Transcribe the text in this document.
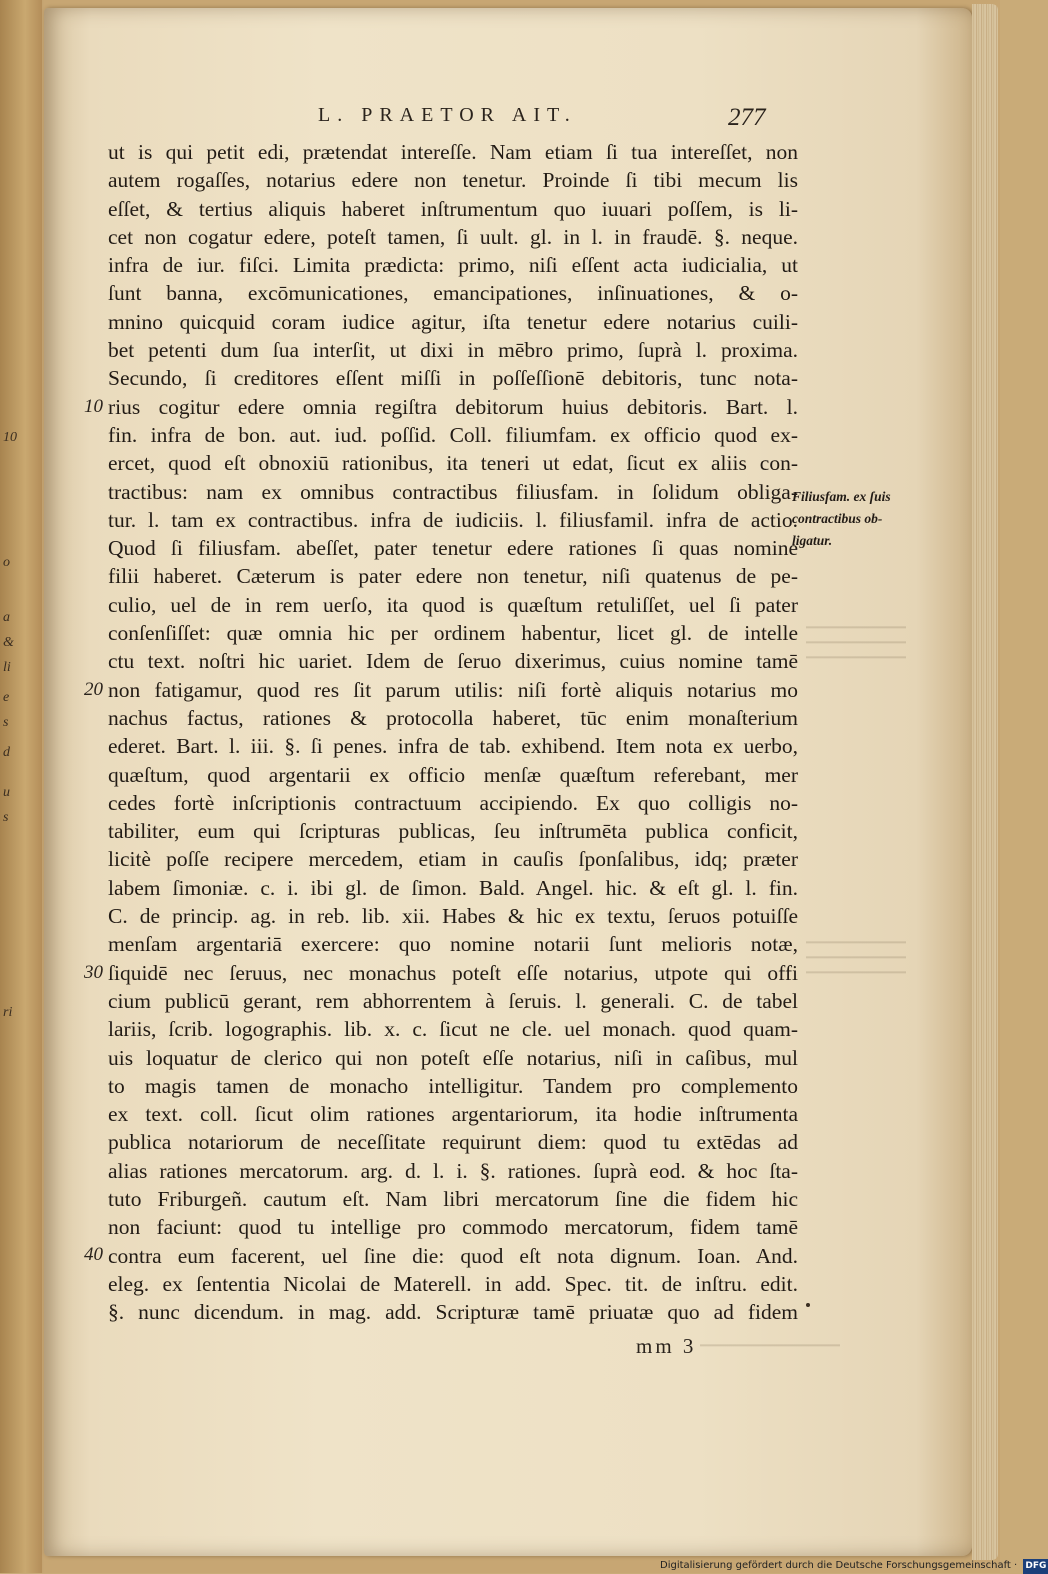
10
o
a
&
li
e
s
d
u
s
ri
L. PRAETOR AIT.	277
ut is qui petit edi, prætendat intereſſe. Nam etiam ſi tua intereſſet, non
autem rogaſſes, notarius edere non tenetur. Proinde ſi tibi mecum lis
eſſet, & tertius aliquis haberet inſtrumentum quo iuuari poſſem, is li-
cet non cogatur edere, poteſt tamen, ſi uult. gl. in l. in fraudē. §. neque.
infra de iur. fiſci. Limita prædicta: primo, niſi eſſent acta iudicialia, ut
ſunt banna, excōmunicationes, emancipationes, inſinuationes, & o-
mnino quicquid coram iudice agitur, iſta tenetur edere notarius cuili-
bet petenti dum ſua interſit, ut dixi in mēbro primo, ſuprà l. proxima.
Secundo, ſi creditores eſſent miſſi in poſſeſſionē debitoris, tunc nota-
rius cogitur edere omnia regiſtra debitorum huius debitoris. Bart. l.
fin. infra de bon. aut. iud. poſſid. Coll. filiumfam. ex officio quod ex-
ercet, quod eſt obnoxiū rationibus, ita teneri ut edat, ſicut ex aliis con-
tractibus: nam ex omnibus contractibus filiusfam. in ſolidum obliga-
tur. l. tam ex contractibus. infra de iudiciis. l. filiusfamil. infra de actio.
Quod ſi filiusfam. abeſſet, pater tenetur edere rationes ſi quas nomine
filii haberet. Cæterum is pater edere non tenetur, niſi quatenus de pe-
culio, uel de in rem uerſo, ita quod is quæſtum retuliſſet, uel ſi pater
conſenſiſſet: quæ omnia hic per ordinem habentur, licet gl. de intelle
ctu text. noſtri hic uariet. Idem de ſeruo dixerimus, cuius nomine tamē
non fatigamur, quod res ſit parum utilis: niſi fortè aliquis notarius mo
nachus factus, rationes & protocolla haberet, tūc enim monaſterium
ederet. Bart. l. iii. §. ſi penes. infra de tab. exhibend. Item nota ex uerbo,
quæſtum, quod argentarii ex officio menſæ quæſtum referebant, mer
cedes fortè inſcriptionis contractuum accipiendo. Ex quo colligis no-
tabiliter, eum qui ſcripturas publicas, ſeu inſtrumēta publica conficit,
licitè poſſe recipere mercedem, etiam in cauſis ſponſalibus, idq; præter
labem ſimoniæ. c. i. ibi gl. de ſimon. Bald. Angel. hic. & eſt gl. l. fin.
C. de princip. ag. in reb. lib. xii. Habes & hic ex textu, ſeruos potuiſſe
menſam argentariā exercere: quo nomine notarii ſunt melioris notæ,
ſiquidē nec ſeruus, nec monachus poteſt eſſe notarius, utpote qui offi
cium publicū gerant, rem abhorrentem à ſeruis. l. generali. C. de tabel
lariis, ſcrib. logographis. lib. x. c. ſicut ne cle. uel monach. quod quam-
uis loquatur de clerico qui non poteſt eſſe notarius, niſi in caſibus, mul
to magis tamen de monacho intelligitur. Tandem pro complemento
ex text. coll. ſicut olim rationes argentariorum, ita hodie inſtrumenta
publica notariorum de neceſſitate requirunt diem: quod tu extēdas ad
alias rationes mercatorum. arg. d. l. i. §. rationes. ſuprà eod. & hoc ſta-
tuto Friburgeñ. cautum eſt. Nam libri mercatorum ſine die fidem hic
non faciunt: quod tu intellige pro commodo mercatorum, fidem tamē
contra eum facerent, uel ſine die: quod eſt nota dignum. Ioan. And.
eleg. ex ſententia Nicolai de Materell. in add. Spec. tit. de inſtru. edit.
§. nunc dicendum. in mag. add. Scripturæ tamē priuatæ quo ad fidem
10
20
30
40
Filiusfam. ex ſuis
contractibus ob-
ligatur.
mm 3
Digitalisierung gefördert durch die Deutsche Forschungsgemeinschaft · DFG
